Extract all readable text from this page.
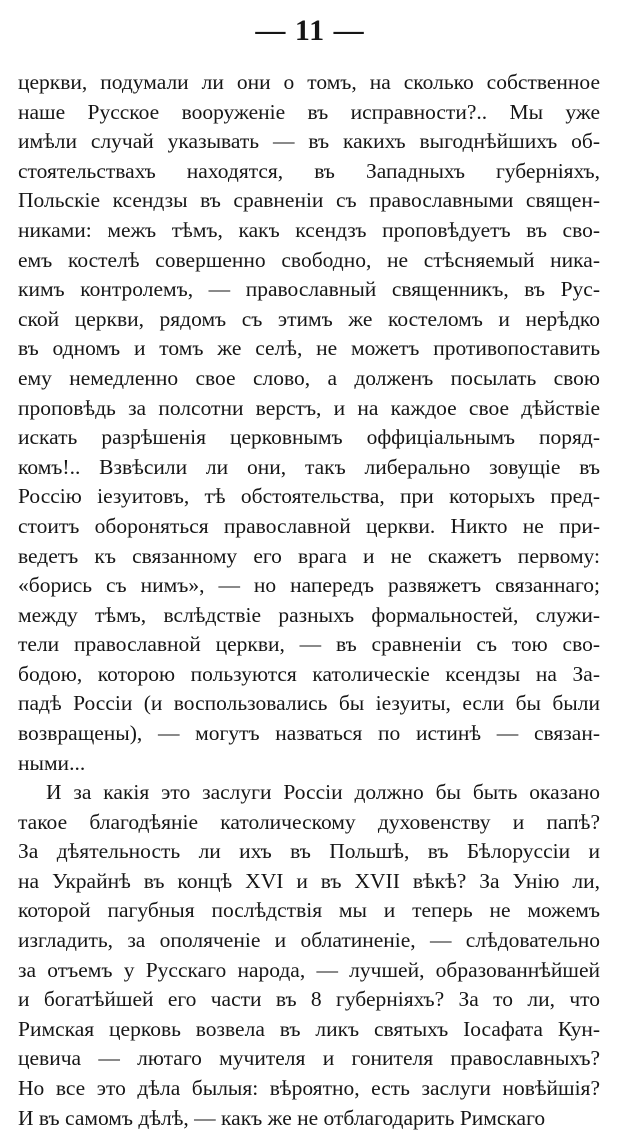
— 11 —
церкви, подумали ли они о томъ, на сколько собственное
наше Русское вооруженіе въ исправности?.. Мы уже
имѣли случай указывать — въ какихъ выгоднѣйшихъ об-
стоятельствахъ находятся, въ Западныхъ губерніяхъ,
Польскіе ксендзы въ сравненіи съ православными священ-
никами: межъ тѣмъ, какъ ксендзъ проповѣдуетъ въ сво-
емъ костелѣ совершенно свободно, не стѣсняемый ника-
кимъ контролемъ, — православный священникъ, въ Рус-
ской церкви, рядомъ съ этимъ же костеломъ и нерѣдко
въ одномъ и томъ же селѣ, не можетъ противопоставить
ему немедленно свое слово, а долженъ посылать свою
проповѣдь за полсотни верстъ, и на каждое свое дѣйствіе
искать разрѣшенія церковнымъ оффиціальнымъ поряд-
комъ!.. Взвѣсили ли они, такъ либерально зовущіе въ
Россію іезуитовъ, тѣ обстоятельства, при которыхъ пред-
стоитъ обороняться православной церкви. Никто не при-
ведетъ къ связанному его врага и не скажетъ первому:
«борись съ нимъ», — но напередъ развяжетъ связаннаго;
между тѣмъ, вслѣдствіе разныхъ формальностей, служи-
тели православной церкви, — въ сравненіи съ тою сво-
бодою, которою пользуются католическіе ксендзы на За-
падѣ Россіи (и воспользовались бы іезуиты, если бы были
возвращены), — могутъ назваться по истинѣ — связан-
ными...
И за какія это заслуги Россіи должно бы быть оказано
такое благодѣяніе католическому духовенству и папѣ?
За дѣятельность ли ихъ въ Польшѣ, въ Бѣлоруссіи и
на Украйнѣ въ концѣ XVI и въ XVII вѣкѣ? За Унію ли,
которой пагубныя послѣдствія мы и теперь не можемъ
изгладить, за ополяченіе и облатиненіе, — слѣдовательно
за отъемъ у Русскаго народа, — лучшей, образованнѣйшей
и богатѣйшей его части въ 8 губерніяхъ? За то ли, что
Римская церковь возвела въ ликъ святыхъ Іосафата Кун-
цевича — лютаго мучителя и гонителя православныхъ?
Но все это дѣла былыя: вѣроятно, есть заслуги новѣйшія?
И въ самомъ дѣлѣ, — какъ же не отблагодарить Римскаго
